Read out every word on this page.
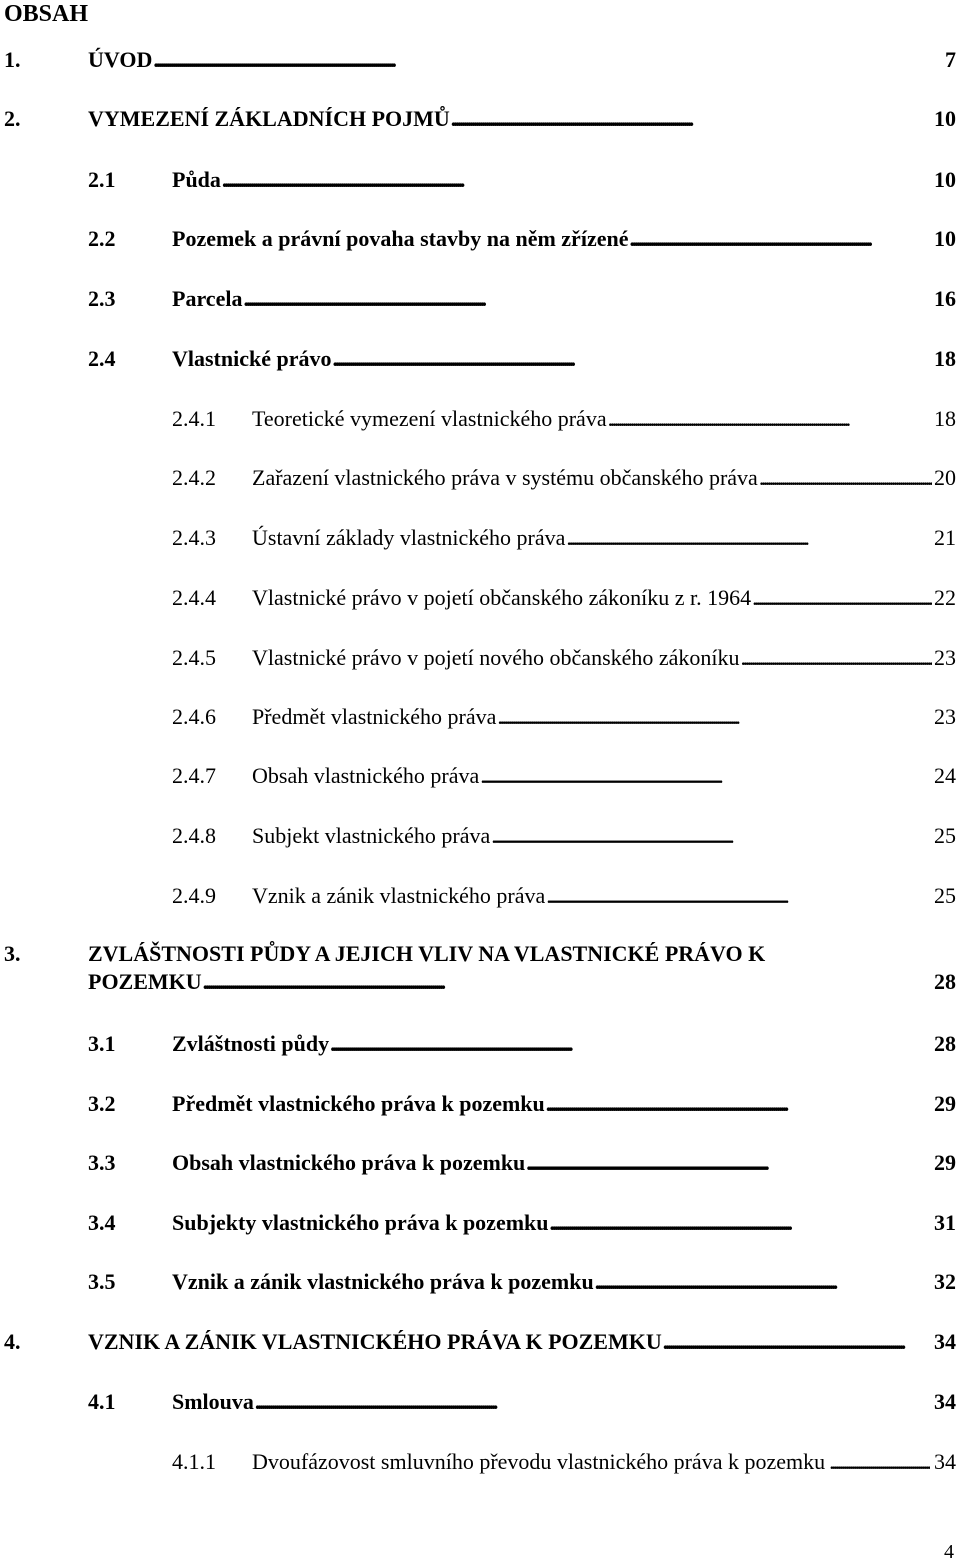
OBSAH
1.	ÚVOD . . .	7
2.	VYMEZENÍ ZÁKLADNÍCH POJMŮ . . .	10
2.1	Půda . . .	10
2.2	Pozemek a právní povaha stavby na něm zřízené . . .	10
2.3	Parcela . . .	16
2.4	Vlastnické právo . . .	18
2.4.1	Teoretické vymezení vlastnického práva . . .	18
2.4.2	Zařazení vlastnického práva v systému občanského práva . . .	20
2.4.3	Ústavní základy vlastnického práva . . .	21
2.4.4	Vlastnické právo v pojetí občanského zákoníku z r. 1964 . . .	22
2.4.5	Vlastnické právo v pojetí nového občanského zákoníku . . .	23
2.4.6	Předmět vlastnického práva . . .	23
2.4.7	Obsah vlastnického práva . . .	24
2.4.8	Subjekt vlastnického práva . . .	25
2.4.9	Vznik a zánik vlastnického práva . . .	25
3.	ZVLÁŠTNOSTI PŮDY A JEJICH VLIV NA VLASTNICKÉ PRÁVO K
POZEMKU . . .	28
3.1	Zvláštnosti půdy . . .	28
3.2	Předmět vlastnického práva k pozemku . . .	29
3.3	Obsah vlastnického práva k pozemku . . .	29
3.4	Subjekty vlastnického práva k pozemku . . .	31
3.5	Vznik a zánik vlastnického práva k pozemku . . .	32
4.	VZNIK A ZÁNIK VLASTNICKÉHO PRÁVA K POZEMKU . . .	34
4.1	Smlouva . . .	34
4.1.1	Dvoufázovost smluvního převodu vlastnického práva k pozemku . . .	34
4
